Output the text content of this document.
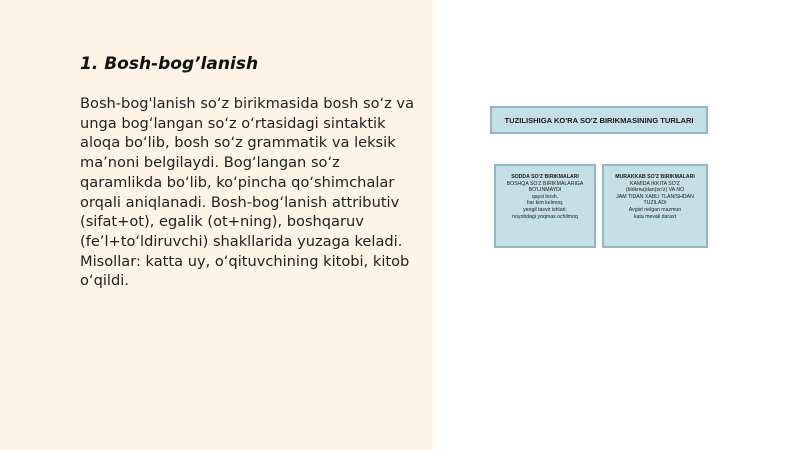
1. Bosh-bog’lanish

Bosh-bog'lanish so‘z birikmasida bosh so‘z va unga bog‘langan so‘z o‘rtasidagi sintaktik aloqa bo‘lib, bosh so‘z grammatik va leksik ma’noni belgilaydi. Bog‘langan so‘z qaramlikda bo‘lib, ko‘pincha qo‘shimchalar orqali aniqlanadi. Bosh-bog‘lanish attributiv (sifat+ot), egalik (ot+ning), boshqaruv (fe’l+to‘ldiruvchi) shakllarida yuzaga keladi. Misollar: katta uy, o‘qituvchining kitobi, kitob o‘qildi.

TUZILISHIGA KO'RA SO'Z BIRIKMASINING TURLARI
SODDA SO'Z BIRIKMALARI
BOSHQA SO'Z BIRIKMALARIGA
BO'LINMAYDI
qaysi bosh,
har kim kelmoq,
yengil tasvir ishlari,
noyobdagi yoqmas ochilmoq
MURAKKAB SO'Z BIRIKMALARI
KAMIDA IKKITA SO'Z
(birikma)dan(so'z) VA NO
JAM TIDAN XABLI TLANISHDAN
TUZILADI
Avgist nelgan mazmun
kata mevali daraxt
